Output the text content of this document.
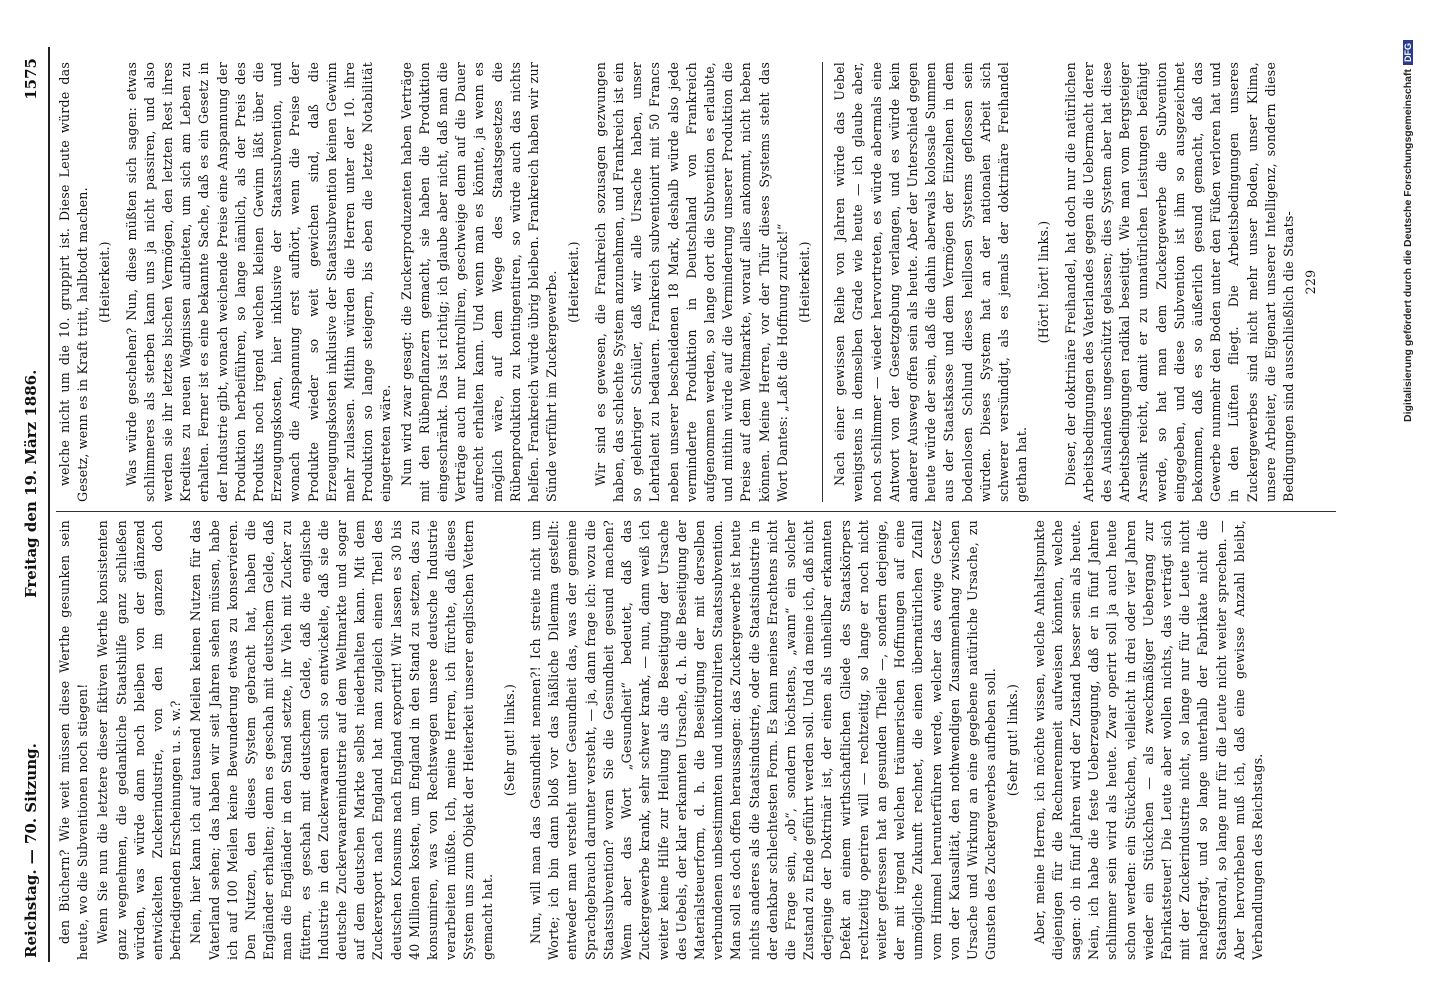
Reichstag. — 70. Sitzung.
Freitag den 19. März 1886.
1575

den Büchern? Wie weit müssen diese Werthe gesunken sein heute, wo die Subventionen noch stiegen! Wenn Sie nun die letztere dieser fiktiven Werthe konsistenten ganz wegnehmen, die gedankliche Staatshilfe ganz schließen würden, was würde dann noch bleiben von der glänzend entwickelten Zuckerindustrie, von den im ganzen doch befriedigenden Erscheinungen u. s. w.? Nein, hier kann ich auf tausend Meilen keinen Nutzen für das Vaterland sehen; das haben wir seit Jahren sehen müssen, habe ich auf 100 Meilen keine Bewunderung etwas zu konservieren. Den Nutzen, den dieses System gebracht hat, haben die Engländer erhalten; denn es geschah mit deutschem Gelde, daß man die Engländer in den Stand setzte, ihr Vieh mit Zucker zu füttern, es geschah mit deutschem Gelde, daß die englische Industrie in den Zuckerwaaren sich so entwickelte, daß sie die deutsche Zuckerwaarenindustrie auf dem Weltmarkte und sogar auf dem deutschen Markte selbst niederhalten kann. Mit dem Zuckerexport nach England hat man zugleich einen Theil des deutschen Konsums nach England exportirt! Wir lassen es 30 bis 40 Millionen kosten, um England in den Stand zu setzen, das zu konsumiren, was von Rechtswegen unsere deutsche Industrie verarbeiten müßte. Ich, meine Herren, ich fürchte, daß dieses System uns zum Objekt der Heiterkeit unserer englischen Vettern gemacht hat.

(Sehr gut! links.) Nun, will man das Gesundheit nennen?! Ich streite nicht um Worte; ich bin dann bloß vor das häßliche Dilemma gestellt: entweder man versteht unter Gesundheit das, was der gemeine Sprachgebrauch darunter versteht, — ja, dann frage ich: wozu die Staatssubvention? woran Sie die Gesundheit gesund machen? Wenn aber das Wort „Gesundheit“ bedeutet, daß das Zuckergewerbe krank, sehr schwer krank, — nun, dann weiß ich weiter keine Hilfe zur Heilung als die Beseitigung der Ursache des Uebels, der klar erkannten Ursache, d. h. die Beseitigung der Materialsteuerform, d. h. die Beseitigung der mit derselben verbundenen unbestimmten und unkontrolirten Staatssubvention. Man soll es doch offen heraussagen: das Zuckergewerbe ist heute nichts anderes als die Staatsindustrie, oder die Staatsindustrie in der denkbar schlechtesten Form. Es kann meines Erachtens nicht die Frage sein, „ob“, sondern höchstens, „wann“ ein solcher Zustand zu Ende geführt werden soll. Und da meine ich, daß nicht derjenige der Doktrinär ist, der einen als unheilbar erkannten Defekt an einem wirthschaftlichen Gliede des Staatskörpers rechtzeitig operiren will — rechtzeitig, so lange er noch nicht weiter gefressen hat an gesunden Theile —, sondern derjenige, der mit irgend welchen träumerischen Hoffnungen auf eine unmögliche Zukunft rechnet, die einen übernatürlichen Zufall vom Himmel herunterführen werde, welcher das ewige Gesetz von der Kausalität, den nothwendigen Zusammenhang zwischen Ursache und Wirkung an eine gegebene natürliche Ursache, zu Gunsten des Zuckergewerbes aufheben soll. (Sehr gut! links.) Aber, meine Herren, ich möchte wissen, welche Anhaltspunkte diejenigen für die Rechnerenmeit aufweisen könnten, welche sagen: ob in fünf Jahren wird der Zustand besser sein als heute. Nein, ich habe die feste Ueberzeugung, daß er in fünf Jahren schlimmer sein wird als heute. Zwar operirt soll ja auch heute schon werden: ein Stückchen, vielleicht in drei oder vier Jahren wieder ein Stückchen — als zweckmäßiger Uebergang zur Fabrikatsteuer! Die Leute aber wollen nichts, das verträgt sich mit der Zuckerindustrie nicht, so lange nur für die Leute nicht nachgefragt, und so lange unterhalb der Fabrikate nicht die Staatsmoral, so lange nur für die Leute nicht weiter sprechen. — Aber hervorheben muß ich, daß eine gewisse Anzahl bleibt, Verbandlungen des Reichstags.

welche nicht um die 10. gruppirt ist. Diese Leute würde das Gesetz, wenn es in Kraft tritt, halbtodt machen. (Heiterkeit.) Was würde geschehen? Nun, diese müßten sich sagen: etwas schlimmeres als sterben kann uns ja nicht passiren, und also werden sie ihr letztes bischen Vermögen, den letzten Rest ihres Kredites zu neuen Wagnissen aufbieten, um sich am Leben zu erhalten. Ferner ist es eine bekannte Sache, daß es ein Gesetz in der Industrie gibt, wonach weichende Preise eine Anspannung der Produktion herbeiführen, so lange nämlich, als der Preis des Produkts noch irgend welchen kleinen Gewinn läßt über die Erzeugungskosten, hier inklusive der Staatssubvention, und wonach die Anspannung erst aufhört, wenn die Preise der Produkte wieder so weit gewichen sind, daß die Erzeugungskosten inklusive der Staatssubvention keinen Gewinn mehr zulassen. Mithin würden die Herren unter der 10. ihre Produktion so lange steigern, bis eben die letzte Notabilität eingetreten wäre. Nun wird zwar gesagt: die Zuckerproduzenten haben Verträge mit den Rübenpflanzern gemacht, sie haben die Produktion eingeschränkt. Das ist richtig; ich glaube aber nicht, daß man die Verträge auch nur kontrolliren, geschweige denn auf die Dauer aufrecht erhalten kann. Und wenn man es könnte, ja wenn es möglich wäre, auf dem Wege des Staatsgesetzes die Rübenproduktion zu kontingentiren, so würde auch das nichts helfen. Frankreich würde übrig bleiben. Frankreich haben wir zur Sünde verführt im Zuckergewerbe. (Heiterkeit.) Wir sind es gewesen, die Frankreich sozusagen gezwungen haben, das schlechte System anzunehmen, und Frankreich ist ein so gelehriger Schüler, daß wir alle Ursache haben, unser Lehrtalent zu bedauern. Frankreich subventionirt mit 50 Francs neben unserer bescheidenen 18 Mark, deshalb würde also jede verminderte Produktion in Deutschland von Frankreich aufgenommen werden, so lange dort die Subvention es erlaubte, und mithin würde auf die Verminderung unserer Produktion die Preise auf dem Weltmarkte, worauf alles ankommt, nicht heben können. Meine Herren, vor der Thür dieses Systems steht das Wort Dantes: „Laßt die Hoffnung zurück!“ (Heiterkeit.) Nach einer gewissen Reihe von Jahren würde das Uebel wenigstens in demselben Grade wie heute — ich glaube aber, noch schlimmer — wieder hervortreten, es würde abermals eine Antwort von der Gesetzgebung verlangen, und es würde kein anderer Ausweg offen sein als heute. Aber der Unterschied gegen heute würde der sein, daß die dahin aberwals kolossale Summen aus der Staatskasse und dem Vermögen der Einzelnen in dem bodenlosen Schlund dieses heillosen Systems geflossen sein würden. Dieses System hat an der nationalen Arbeit sich schwerer versündigt, als es jemals der doktrinäre Freihandel gethan hat.

(Hört! hört! links.) Dieser, der doktrinäre Freihandel, hat doch nur die natürlichen Arbeitsbedingungen des Vaterlandes gegen die Uebermacht derer des Auslandes ungeschützt gelassen; dies System aber hat diese Arbeitsbedingungen radikal beseitigt. Wie man vom Bergsteiger Arsenik reicht, damit er zu unnatürlichen Leistungen befähigt werde, so hat man dem Zuckergewerbe die Subvention eingegeben, und diese Subvention ist ihm so ausgezeichnet bekommen, daß es so äußerlich gesund gemacht, daß das Gewerbe nunmehr den Boden unter den Füßen verloren hat und in den Lüften fliegt. Die Arbeitsbedingungen unseres Zuckergewerbes sind nicht mehr unser Boden, unser Klima, unsere Arbeiter, die Eigenart unserer Intelligenz, sondern diese Bedingungen sind ausschließlich die Staats- 229	Digitalisierung gefördert durch die Deutsche ForschungsgemeinschaftDFG
